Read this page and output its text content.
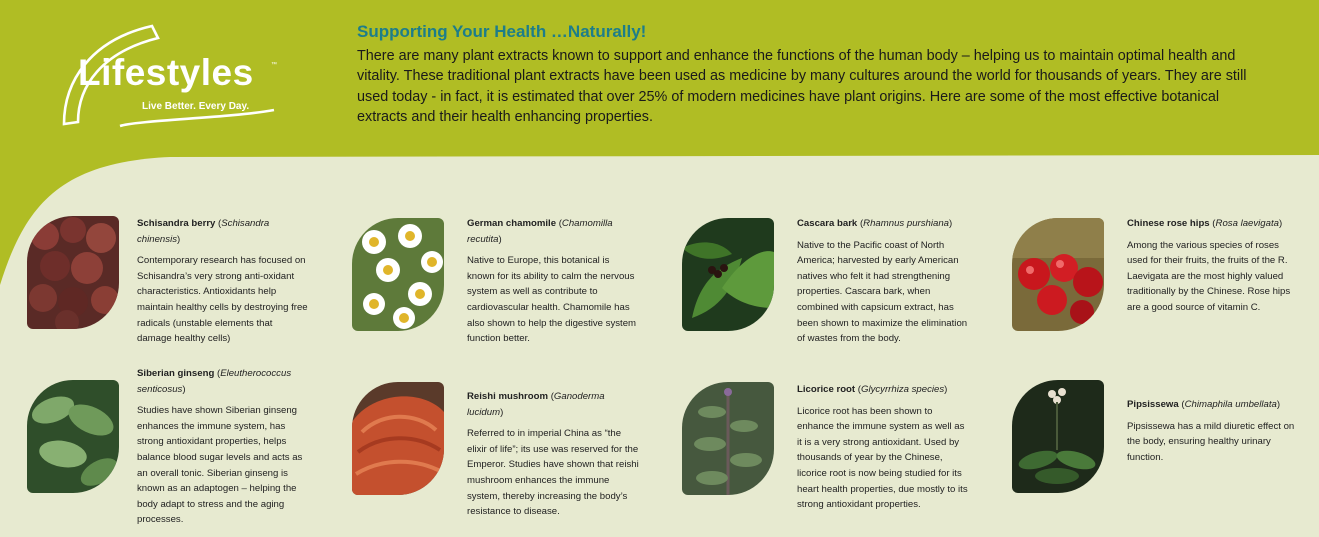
Lifestyles	™
Live Better. Every Day.
Supporting Your Health …Naturally!
There are many plant extracts known to support and enhance the functions of the human body – helping us to maintain optimal health and vitality. These traditional plant extracts have been used as medicine by many cultures around the world for thousands of years. They are still used today - in fact, it is estimated that over 25% of modern medicines have plant origins. Here are some of the most effective botanical extracts and their health enhancing properties.
Schisandra berry (Schisandra chinensis)
Contemporary research has focused on Schisandra’s very strong anti-oxidant characteristics. Antioxidants help maintain healthy cells by destroying free radicals (unstable elements that damage healthy cells)
German chamomile (Chamomilla recutita)
Native to Europe, this botanical is known for its ability to calm the nervous system as well as contribute to cardiovascular health. Chamomile has also shown to help the digestive system function better.
Cascara bark (Rhamnus purshiana)
Native to the Pacific coast of North America; harvested by early American natives who felt it had strengthening properties. Cascara bark, when combined with capsicum extract, has been shown to maximize the elimination of wastes from the body.
Chinese rose hips (Rosa laevigata)
Among the various species of roses used for their fruits, the fruits of the R. Laevigata are the most highly valued traditionally by the Chinese. Rose hips are a good source of vitamin C.
Siberian ginseng (Eleutherococcus senticosus)
Studies have shown Siberian ginseng enhances the immune system, has strong antioxidant properties, helps balance blood sugar levels and acts as an overall tonic. Siberian ginseng is known as an adaptogen – helping the body adapt to stress and the aging processes.
Reishi mushroom (Ganoderma lucidum)
Referred to in imperial China as “the elixir of life”; its use was reserved for the Emperor. Studies have shown that reishi mushroom enhances the immune system, thereby increasing the body’s resistance to disease.
Licorice root (Glycyrrhiza species)
Licorice root has been shown to enhance the immune system as well as it is a very strong antioxidant. Used by thousands of year by the Chinese, licorice root is now being studied for its heart health properties, due mostly to its strong antioxidant properties.
Pipsissewa (Chimaphila umbellata)
Pipsissewa has a mild diuretic effect on the body, ensuring healthy urinary function.
